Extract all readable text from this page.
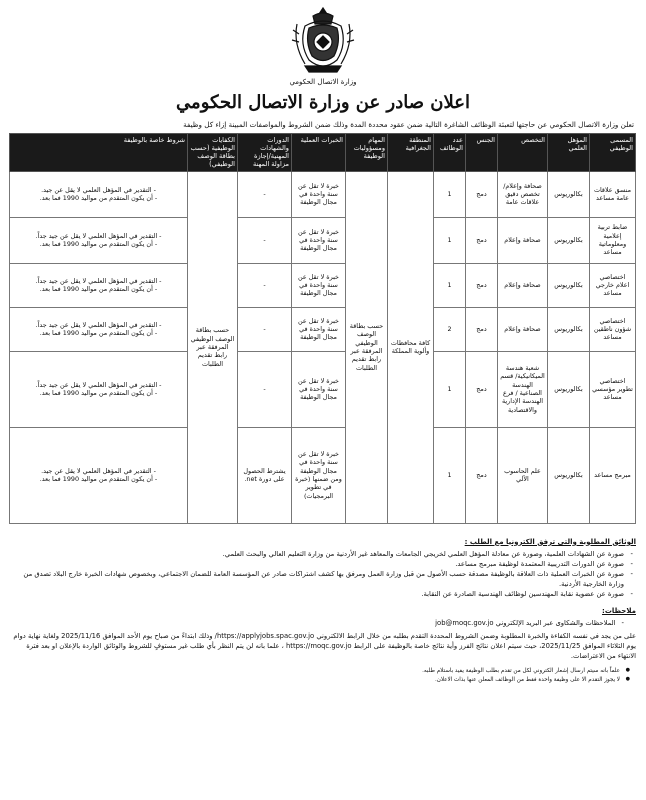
وزارة الاتصال الحكومي
اعلان صادر عن وزارة الاتصال الحكومي
تعلن وزارة الاتصال الحكومي عن حاجتها لتعبئة الوظائف الشاغرة التالية ضمن عقود محددة المدة وذلك ضمن الشروط والمواصفات المبينة إزاء كل وظيفة
المسمى الوظيفي	المؤهل العلمي	التخصص	الجنس	عدد الوظائف	المنطقة الجغرافية	المهام ومسؤوليات الوظيفة	الخبرات العملية	الدورات والشهادات المهنية/إجازة مزاولة المهنة	الكفايات الوظيفية (حسب بطاقة الوصف الوظيفي)	شروط خاصة بالوظيفة
منسق علاقات عامة مساعد	بكالوريوس	صحافة وإعلام/ تخصص دقيق علاقات عامة	دمج	1	كافة محافظات وألوية المملكة	حسب بطاقة الوصف الوظيفي المرفقة عبر رابط تقديم الطلبات	خبرة لا تقل عن سنة واحدة في مجال الوظيفة	-	حسب بطاقة الوصف الوظيفي المرفقة عبر رابط تقديم الطلبات	- التقدير في المؤهل العلمي لا يقل عن جيد.
- أن يكون المتقدم من مواليد 1990 فما بعد.

ضابط تربية إعلامية ومعلوماتية مساعد	بكالوريوس	صحافة وإعلام	دمج	1			خبرة لا تقل عن سنة واحدة في مجال الوظيفة	-		- التقدير في المؤهل العلمي لا يقل عن جيد جداً.
- أن يكون المتقدم من مواليد 1990 فما بعد.

اختصاصي اعلام خارجي مساعد	بكالوريوس	صحافة وإعلام	دمج	1			خبرة لا تقل عن سنة واحدة في مجال الوظيفة	-		- التقدير في المؤهل العلمي لا يقل عن جيد جداً.
- أن يكون المتقدم من مواليد 1990 فما بعد.

اختصاصي شؤون ناطقين مساعد	بكالوريوس	صحافة وإعلام	دمج	2			خبرة لا تقل عن سنة واحدة في مجال الوظيفة	-		- التقدير في المؤهل العلمي لا يقل عن جيد جداً.
- أن يكون المتقدم من مواليد 1990 فما بعد.

اختصاصي تطوير مؤسسي مساعد	بكالوريوس	شعبة هندسة الميكانيكية/ قسم الهندسة الصناعية / فرع الهندسة الإدارية والاقتصادية	دمج	1			خبرة لا تقل عن سنة واحدة في مجال الوظيفة	-		- التقدير في المؤهل العلمي لا يقل عن جيد جداً.
- أن يكون المتقدم من مواليد 1990 فما بعد.

مبرمج مساعد	بكالوريوس	علم الحاسوب الآلي	دمج	1			خبرة لا تقل عن سنة واحدة في مجال الوظيفة ومن ضمنها (خبرة في تطوير البرمجيات)	يشترط الحصول على دورة net.		- التقدير في المؤهل العلمي لا يقل عن جيد.
- أن يكون المتقدم من مواليد 1990 فما بعد.
الوثائق المطلوبة والتي ترفق الكترونيا مع الطلب :
- صورة عن الشهادات العلمية، وصورة عن معادلة المؤهل العلمي لخريجي الجامعات والمعاهد غير الأردنية من وزارة التعليم العالي والبحث العلمي.
- صورة عن الدورات التدريبية المعتمدة لوظيفة مبرمج مساعد.
- صورة عن الخبرات العملية ذات العلاقة بالوظيفة مصدقة حسب الأصول من قبل وزارة العمل ومرفق بها كشف اشتراكات صادر عن المؤسسة العامة للضمان الاجتماعي، وبخصوص شهادات الخبرة خارج البلاد تصدق من وزارة الخارجية الأردنية.
- صورة عن عضوية نقابة المهندسين لوظائف الهندسية الصادرة عن النقابة.
ملاحظات:
- الملاحظات والشكاوى عبر البريد الإلكتروني job@moqc.gov.jo
على من يجد في نفسه الكفاءة والخبرة المطلوبة وضمن الشروط المحددة التقدم بطلبه من خلال الرابط الالكتروني https://applyjobs.spac.gov.jo/ وذلك ابتداءً من صباح يوم الأحد الموافق 2025/11/16 ولغاية نهاية دوام يوم الثلاثاء الموافق 2025/11/25، حيث سيتم اعلان نتائج الفرز وأية نتائج خاصة بالوظيفة على الرابط https://moqc.gov.jo ، علما بانه لن يتم النظر بأي طلب غير مستوفٍ للشروط والوثائق الواردة بالإعلان او بعد فترة الانتهاء من الاعتراضات.
● علماً بانه سيتم ارسال إشعار الكتروني لكل من تقدم بطلب الوظيفة يفيد باستلام طلبه.
● لا يجوز التقدم الا على وظيفة واحدة فقط من الوظائف المعلن عنها بذات الاعلان.
